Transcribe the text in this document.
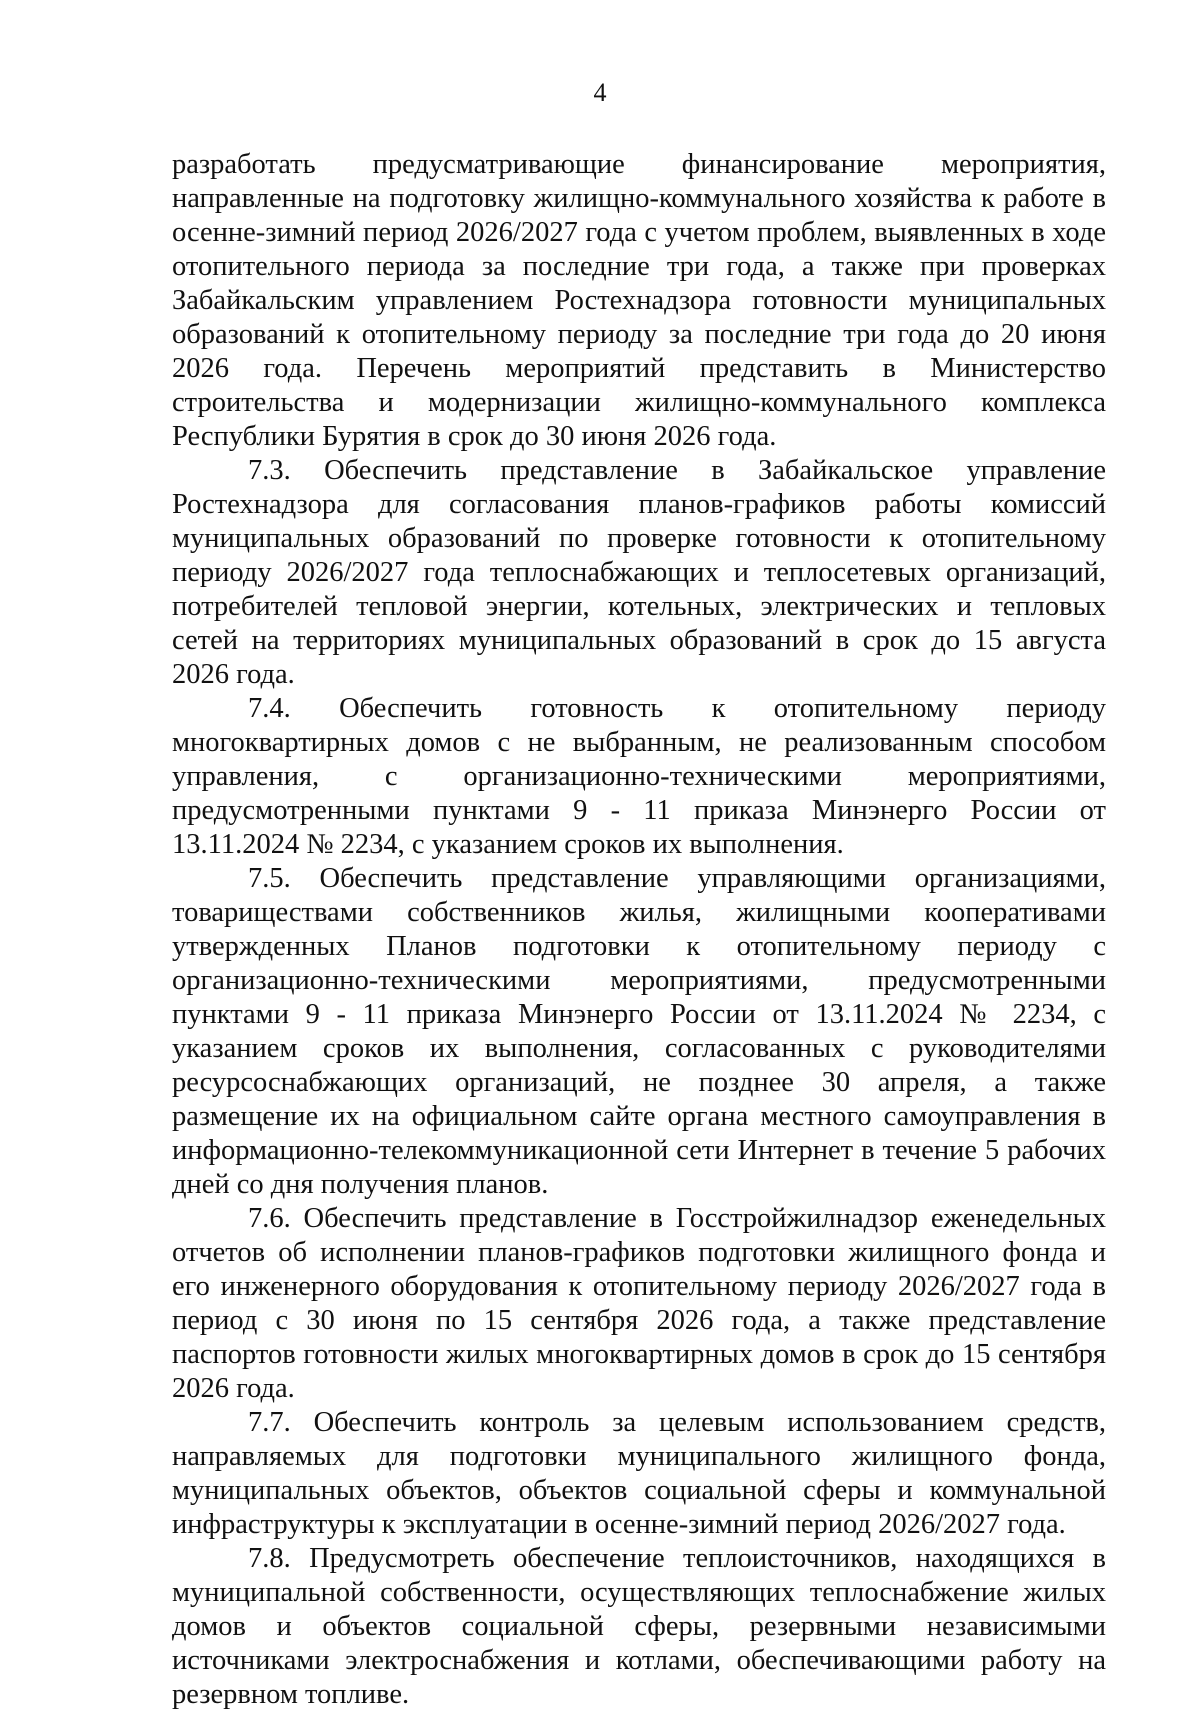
4

разработать предусматривающие финансирование мероприятия, направленные на подготовку жилищно-коммунального хозяйства к работе в осенне-зимний период 2026/2027 года с учетом проблем, выявленных в ходе отопительного периода за последние три года, а также при проверках Забайкальским управлением Ростехнадзора готовности муниципальных образований к отопительному периоду за последние три года до 20 июня 2026 года. Перечень мероприятий представить в Министерство строительства и модернизации жилищно-коммунального комплекса Республики Бурятия в срок до 30 июня 2026 года.

7.3. Обеспечить представление в Забайкальское управление Ростехнадзора для согласования планов-графиков работы комиссий муниципальных образований по проверке готовности к отопительному периоду 2026/2027 года теплоснабжающих и теплосетевых организаций, потребителей тепловой энергии, котельных, электрических и тепловых сетей на территориях муниципальных образований в срок до 15 августа 2026 года.

7.4. Обеспечить готовность к отопительному периоду многоквартирных домов с не выбранным, не реализованным способом управления, с организационно-техническими мероприятиями, предусмотренными пунктами 9 - 11 приказа Минэнерго России от 13.11.2024 № 2234, с указанием сроков их выполнения.

7.5. Обеспечить представление управляющими организациями, товариществами собственников жилья, жилищными кооперативами утвержденных Планов подготовки к отопительному периоду с организационно-техническими мероприятиями, предусмотренными пунктами 9 - 11 приказа Минэнерго России от 13.11.2024 № 2234, с указанием сроков их выполнения, согласованных с руководителями ресурсоснабжающих организаций, не позднее 30 апреля, а также размещение их на официальном сайте органа местного самоуправления в информационно-телекоммуникационной сети Интернет в течение 5 рабочих дней со дня получения планов.

7.6. Обеспечить представление в Госстройжилнадзор еженедельных отчетов об исполнении планов-графиков подготовки жилищного фонда и его инженерного оборудования к отопительному периоду 2026/2027 года в период с 30 июня по 15 сентября 2026 года, а также представление паспортов готовности жилых многоквартирных домов в срок до 15 сентября 2026 года.

7.7. Обеспечить контроль за целевым использованием средств, направляемых для подготовки муниципального жилищного фонда, муниципальных объектов, объектов социальной сферы и коммунальной инфраструктуры к эксплуатации в осенне-зимний период 2026/2027 года.

7.8. Предусмотреть обеспечение теплоисточников, находящихся в муниципальной собственности, осуществляющих теплоснабжение жилых домов и объектов социальной сферы, резервными независимыми источниками электроснабжения и котлами, обеспечивающими работу на резервном топливе.
